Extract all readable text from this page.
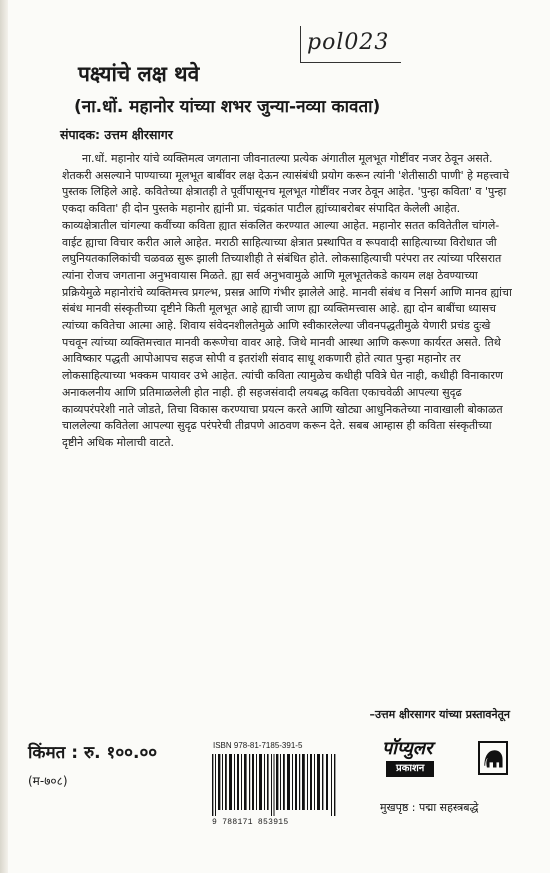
pol023
पक्ष्यांचे लक्ष थवे
(ना.धों. महानोर यांच्या शभर जुन्या-नव्या कावता)
संपादक: उत्तम क्षीरसागर

ना.धों. महानोर यांचे व्यक्तिमत्व जगताना जीवनातल्या प्रत्येक अंगातील मूलभूत गोष्टींवर नजर ठेवून असते. शेतकरी असल्याने पाण्याच्या मूलभूत बाबींवर लक्ष देऊन त्यासंबंधी प्रयोग करून त्यांनी 'शेतीसाठी पाणी' हे महत्त्वाचे पुस्तक लिहिले आहे. कवितेच्या क्षेत्रातही ते पूर्वीपासूनच मूलभूत गोष्टींवर नजर ठेवून आहेत. 'पुन्हा कविता' व 'पुन्हा एकदा कविता' ही दोन पुस्तके महानोर ह्यांनी प्रा. चंद्रकांत पाटील ह्यांच्याबरोबर संपादित केलेली आहेत.

काव्यक्षेत्रातील चांगल्या कवींच्या कविता ह्यात संकलित करण्यात आल्या आहेत. महानोर सतत कवितेतील चांगले-वाईट ह्याचा विचार करीत आले आहेत. मराठी साहित्याच्या क्षेत्रात प्रस्थापित व रूपवादी साहित्याच्या विरोधात जी लघुनियतकालिकांची चळवळ सुरू झाली तिच्याशीही ते संबंधित होते. लोकसाहित्याची परंपरा तर त्यांच्या परिसरात त्यांना रोजच जगताना अनुभवायास मिळते. ह्या सर्व अनुभवामुळे आणि मूलभूततेकडे कायम लक्ष ठेवण्याच्या प्रक्रियेमुळे महानोरांचे व्यक्तिमत्त्व प्रगल्भ, प्रसन्न आणि गंभीर झालेले आहे. मानवी संबंध व निसर्ग आणि मानव ह्यांचा संबंध मानवी संस्कृतीच्या दृष्टीने किती मूलभूत आहे ह्याची जाण ह्या व्यक्तिमत्त्वास आहे. ह्या दोन बाबींचा ध्यासच त्यांच्या कवितेचा आत्मा आहे. शिवाय संवेदनशीलतेमुळे आणि स्वीकारलेल्या जीवनपद्धतीमुळे येणारी प्रचंड दुःखे पचवून त्यांच्या व्यक्तिमत्त्वात मानवी करूणेचा वावर आहे. जिथे मानवी आस्था आणि करूणा कार्यरत असते. तिथे आविष्कार पद्धती आपोआपच सहज सोपी व इतरांशी संवाद साधू शकणारी होते त्यात पुन्हा महानोर तर लोकसाहित्याच्या भक्कम पायावर उभे आहेत. त्यांची कविता त्यामुळेच कधीही पवित्रे घेत नाही, कधीही विनाकारण अनाकलनीय आणि प्रतिमाळलेली होत नाही. ही सहजसंवादी लयबद्ध कविता एकाचवेळी आपल्या सुदृढ काव्यपरंपरेशी नाते जोडते, तिचा विकास करण्याचा प्रयत्न करते आणि खोट्या आधुनिकतेच्या नावाखाली बोकाळत चाललेल्या कवितेला आपल्या सुदृढ परंपरेची तीव्रपणे आठवण करून देते. सबब आम्हास ही कविता संस्कृतीच्या दृष्टीने अधिक मोलाची वाटते.

–उत्तम क्षीरसागर यांच्या प्रस्तावनेतून
किंमत : रु. १००.००
(म-७०८)
ISBN 978-81-7185-391-5
9 788171 853915
पॉप्युलर
प्रकाशन
मुखपृष्ठ : पद्मा सहस्त्रबद्धे
